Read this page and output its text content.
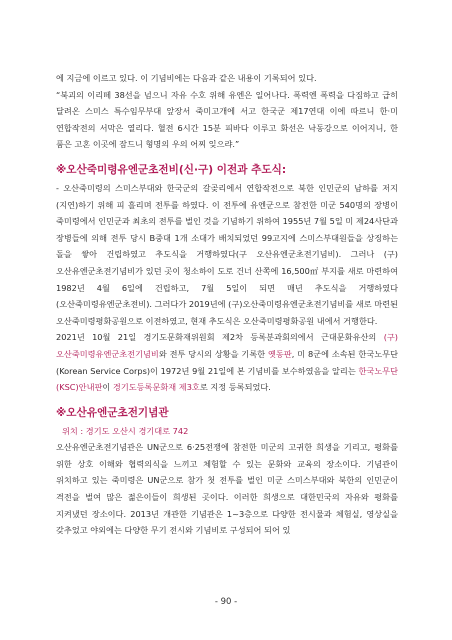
에 지금에 이르고 있다. 이 기념비에는 다음과 같은 내용이 기록되어 있다.

“북괴의 이리떼 38선을 넘으니 자유 수호 위해 유엔은 일어나다. 폭력엔 폭력을 다짐하고 급히 달려온 스미스 특수임무부대 앞장서 죽미고개에 서고 한국군 제17연대 이에 따르니 한·미 연합작전의 서막은 열리다. 혈전 6시간 15분 피바다 이루고 화선은 낙동강으로 이어지니, 한 품은 고혼 이곳에 잠드니 형명의 우의 어찌 잊으랴.”

※오산죽미령유엔군초전비(신·구) 이전과 추도식:

- 오산죽미령의 스미스부대와 한국군의 갈곶리에서 연합작전으로 북한 인민군의 남하를 저지(지연)하기 위해 피 흘리며 전투를 하였다. 이 전투에 유엔군으로 참전한 미군 540명의 장병이 죽미령에서 인민군과 최초의 전투를 벌인 것을 기념하기 위하여 1955년 7월 5일 미 제24사단과 장병들에 의해 전투 당시 B중대 1개 소대가 배치되었던 99고지에 스미스부대원들을 상징하는 돌을 쌓아 건립하였고 추도식을 거행하였다(구 오산유엔군초전기념비). 그러나 (구)오산유엔군초전기념비가 있던 곳이 청소하이 도로 건너 산쪽에 16,500㎡ 부지를 새로 마련하여 1982년 4월 6일에 건립하고, 7월 5일이 되면 매년 추도식을 거행하였다(오산죽미령유엔군초전비). 그러다가 2019년에 (구)오산죽미령유엔군초전기념비를 새로 마련된 오산죽미령평화공원으로 이전하였고, 현재 추도식은 오산죽미령평화공원 내에서 거행한다.

2021년 10월 21일 경기도문화재위원회 제2차 등록분과회의에서 근대문화유산의 (구)오산죽미령유엔군초전기념비와 전투 당시의 상황을 기록한 옛동판, 미 8군에 소속된 한국노무단(Korean Service Corps)이 1972년 9월 21일에 본 기념비를 보수하였음을 알리는 한국노무단(KSC)안내판이 경기도등록문화재 제3호로 지정 등록되었다.

※오산유엔군초전기념관
위치 : 경기도 오산시 경기대로 742

오산유엔군초전기념관은 UN군으로 6·25전쟁에 참전한 미군의 고귀한 희생을 기리고, 평화를 위한 상호 이해와 협력의식을 느끼고 체험할 수 있는 문화와 교육의 장소이다. 기념관이 위치하고 있는 죽미령은 UN군으로 참가 첫 전투를 벌인 미군 스미스부대와 북한의 인민군이 격전을 벌여 많은 젊은이들이 희생된 곳이다. 이러한 희생으로 대한민국의 자유와 평화를 지켜냈던 장소이다. 2013년 개관한 기념관은 1~3층으로 다양한 전시물과 체험실, 영상실을 갖추었고 야외에는 다양한 무기 전시와 기념비로 구성되어 되어 있

- 90 -
